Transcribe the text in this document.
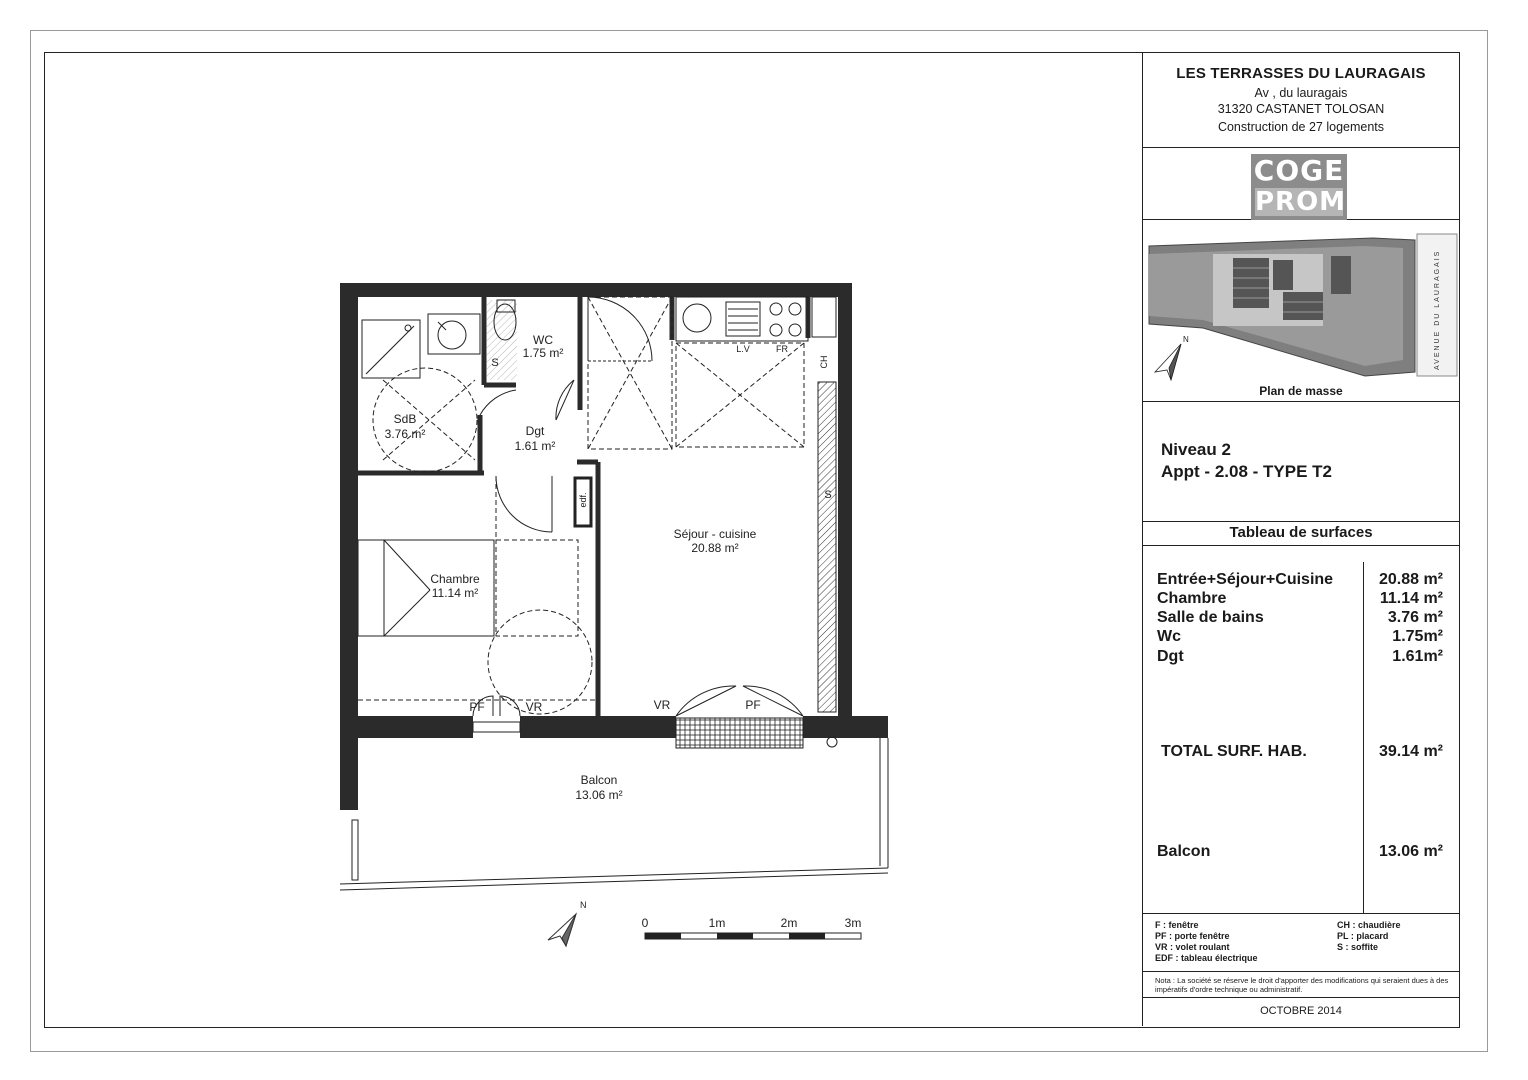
SdB
3.76 m²
WC
1.75 m²
Dgt
1.61 m²
Séjour - cuisine
20.88 m²
Chambre
11.14 m²
Balcon
13.06 m²
S
S
edf.
CH
L.V	FR
PF	VR	VR	PF
N
0	1m	2m	3m
LES TERRASSES DU LAURAGAIS
Av , du lauragais
31320 CASTANET TOLOSAN
Construction de 27 logements
COGE
PROM
AVENUE DU LAURAGAIS
N
Plan de masse
Niveau 2
Appt - 2.08 - TYPE T2
Tableau de surfaces
Entrée+Séjour+Cuisine	20.88 m²
Chambre	11.14 m²
Salle de bains	3.76 m²
Wc	1.75m²
Dgt	1.61m²
TOTAL SURF. HAB.	39.14 m²
Balcon	13.06 m²
F : fenêtre
PF : porte fenêtre
VR : volet roulant
EDF : tableau électrique
CH : chaudière
PL : placard
S : soffite
Nota : La société se réserve le droit d'apporter des modifications qui seraient dues à des impératifs d'ordre technique ou administratif.
OCTOBRE 2014
